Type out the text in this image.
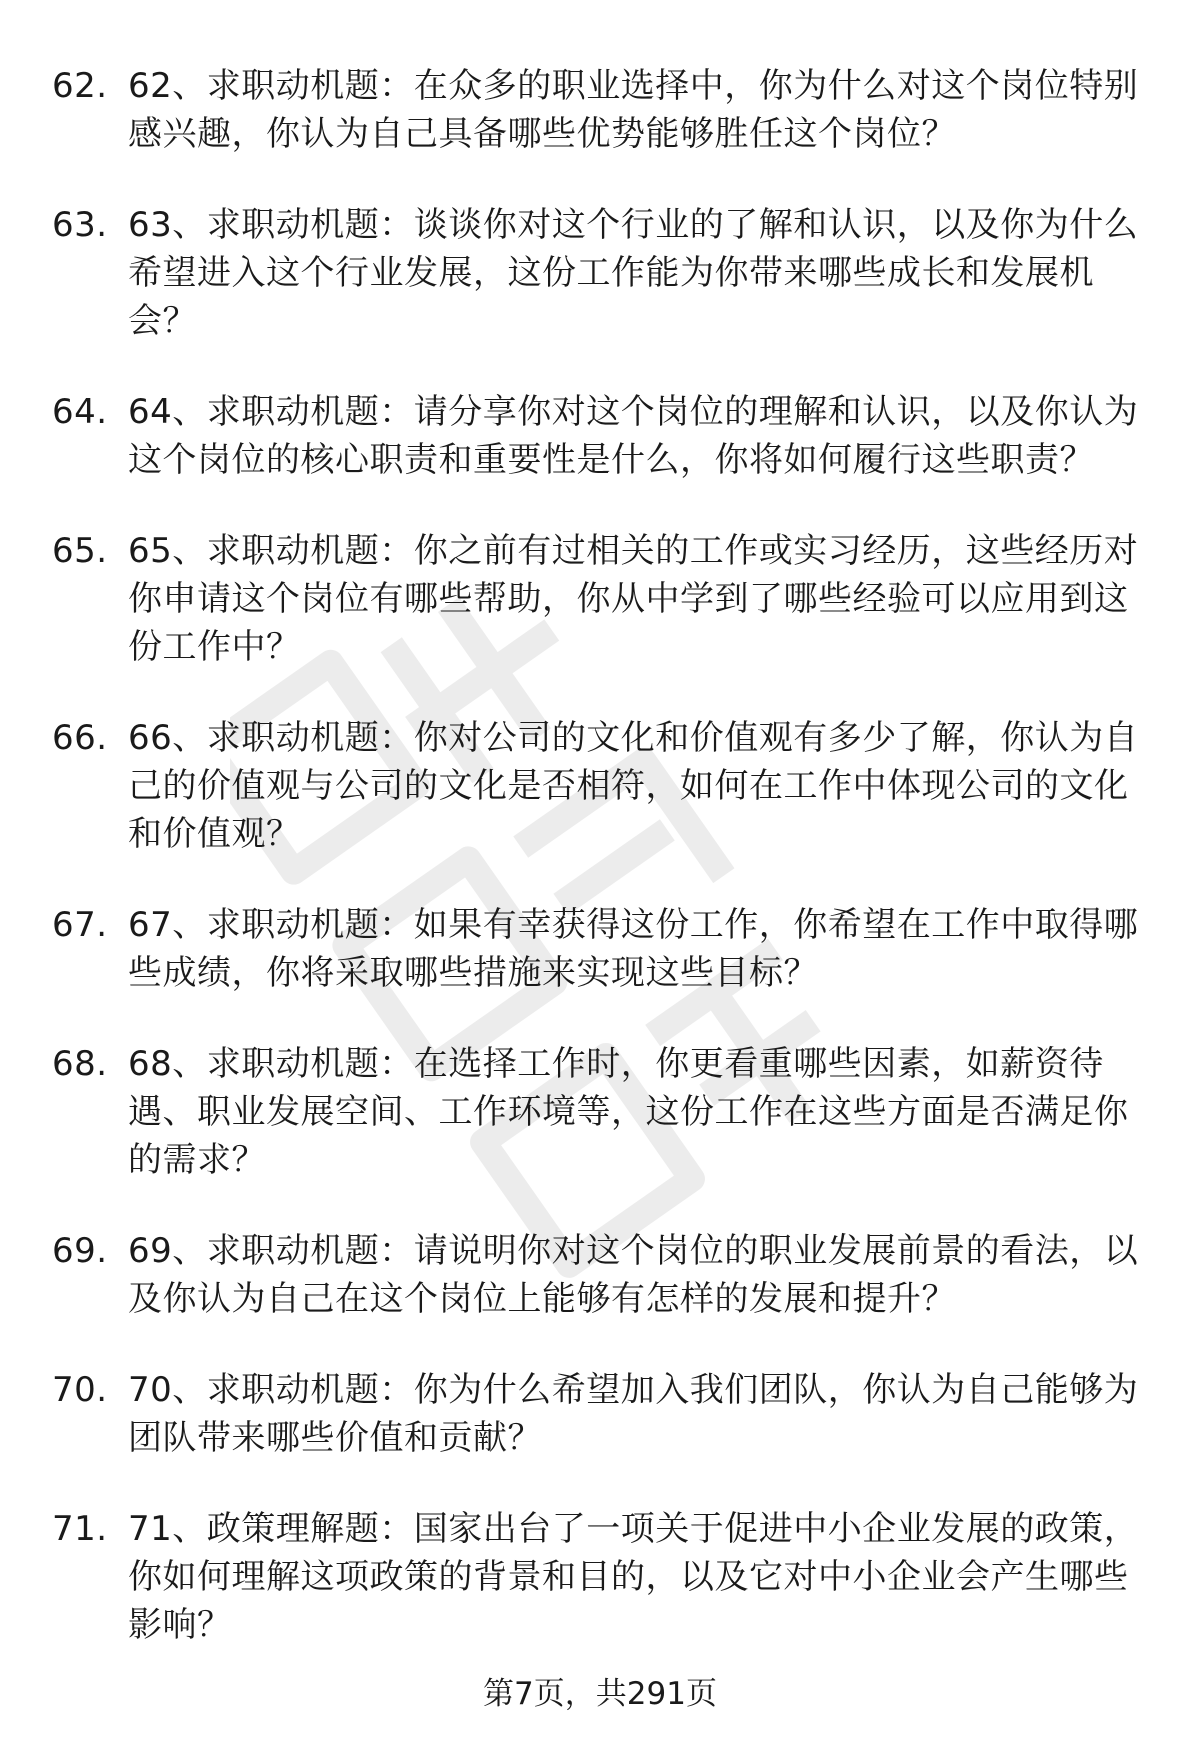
62. 62、求职动机题：在众多的职业选择中，你为什么对这个岗位特别感兴趣，你认为自己具备哪些优势能够胜任这个岗位？
63. 63、求职动机题：谈谈你对这个行业的了解和认识，以及你为什么希望进入这个行业发展，这份工作能为你带来哪些成长和发展机会？
64. 64、求职动机题：请分享你对这个岗位的理解和认识，以及你认为这个岗位的核心职责和重要性是什么，你将如何履行这些职责？
65. 65、求职动机题：你之前有过相关的工作或实习经历，这些经历对你申请这个岗位有哪些帮助，你从中学到了哪些经验可以应用到这份工作中？
66. 66、求职动机题：你对公司的文化和价值观有多少了解，你认为自己的价值观与公司的文化是否相符，如何在工作中体现公司的文化和价值观？
67. 67、求职动机题：如果有幸获得这份工作，你希望在工作中取得哪些成绩，你将采取哪些措施来实现这些目标？
68. 68、求职动机题：在选择工作时，你更看重哪些因素，如薪资待遇、职业发展空间、工作环境等，这份工作在这些方面是否满足你的需求？
69. 69、求职动机题：请说明你对这个岗位的职业发展前景的看法，以及你认为自己在这个岗位上能够有怎样的发展和提升？
70. 70、求职动机题：你为什么希望加入我们团队，你认为自己能够为团队带来哪些价值和贡献？
71. 71、政策理解题：国家出台了一项关于促进中小企业发展的政策，你如何理解这项政策的背景和目的，以及它对中小企业会产生哪些影响？
第7页，共291页
